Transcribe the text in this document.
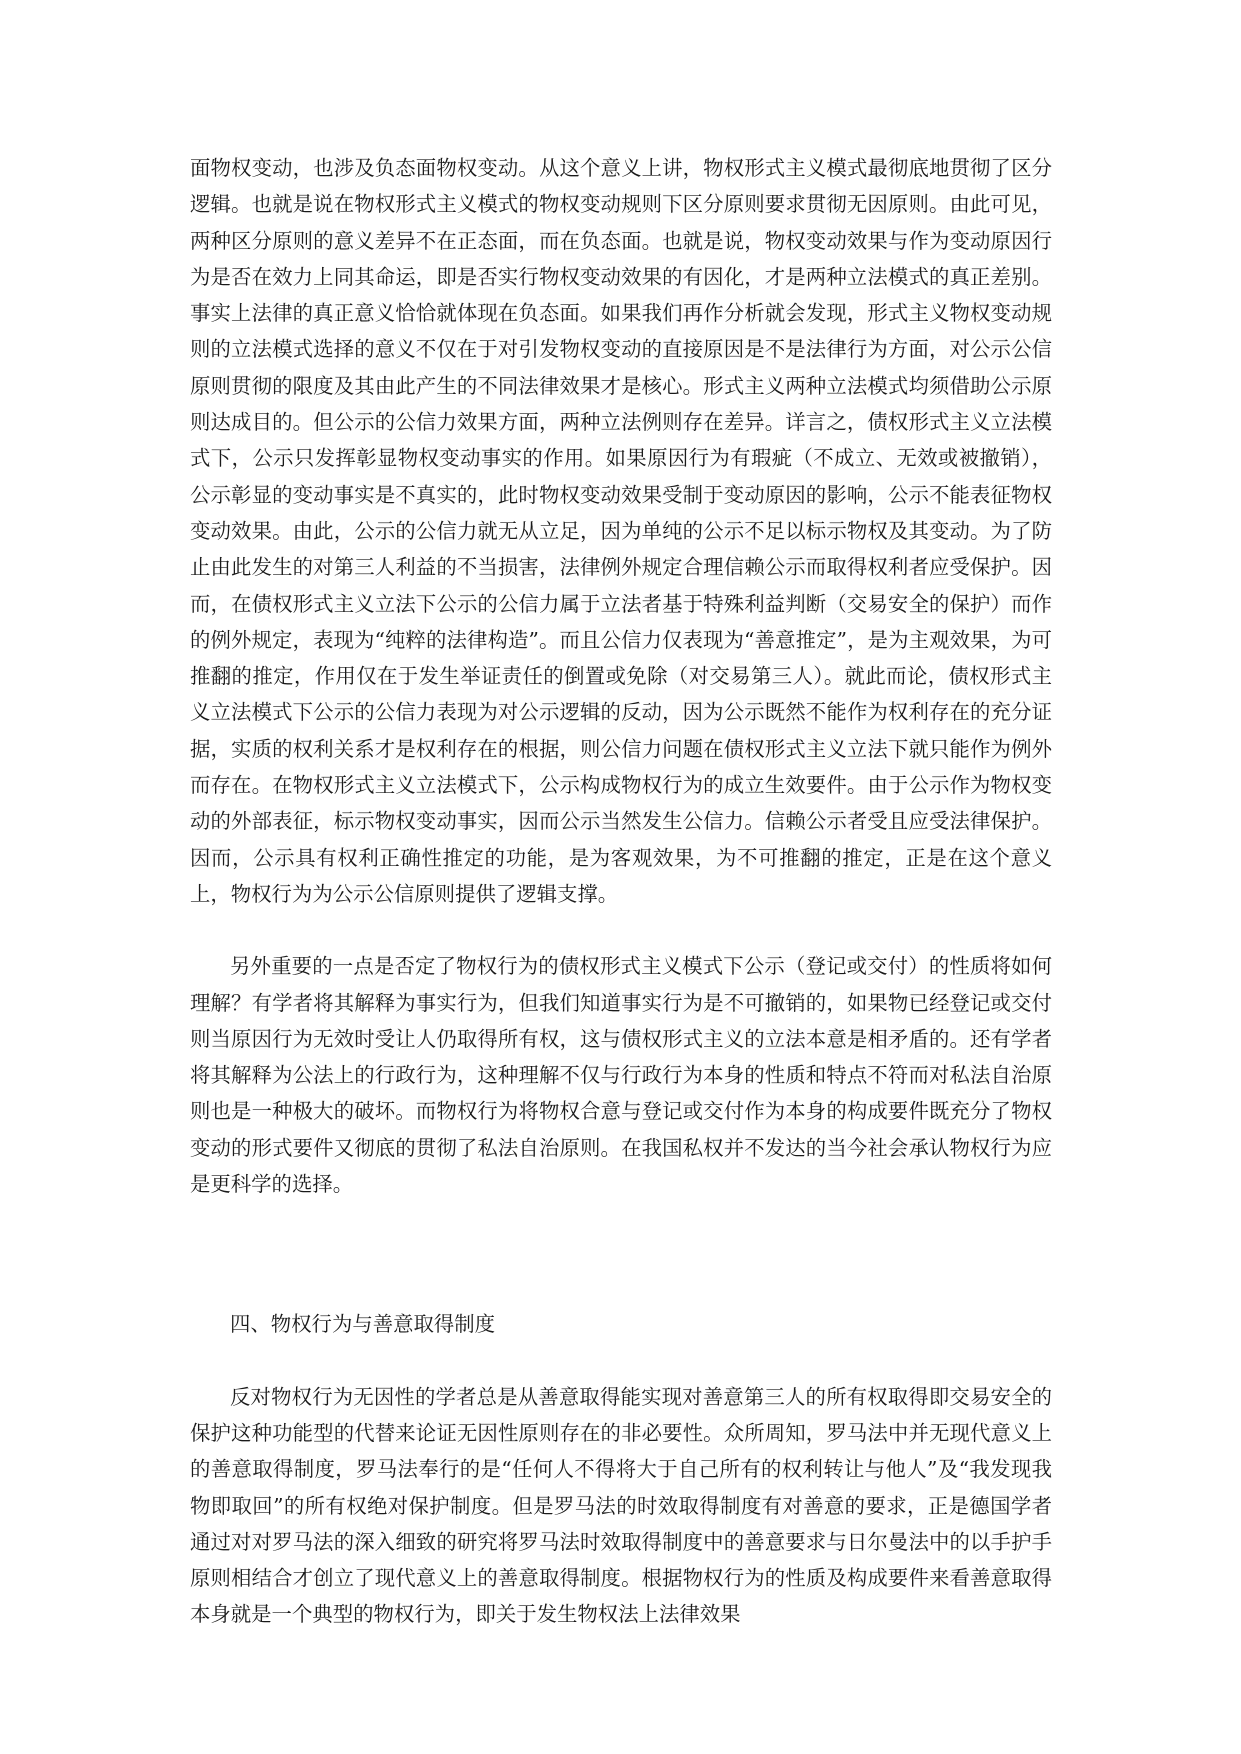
面物权变动，也涉及负态面物权变动。从这个意义上讲，物权形式主义模式最彻底地贯彻了区分逻辑。也就是说在物权形式主义模式的物权变动规则下区分原则要求贯彻无因原则。由此可见，两种区分原则的意义差异不在正态面，而在负态面。也就是说，物权变动效果与作为变动原因行为是否在效力上同其命运，即是否实行物权变动效果的有因化，才是两种立法模式的真正差别。事实上法律的真正意义恰恰就体现在负态面。如果我们再作分析就会发现，形式主义物权变动规则的立法模式选择的意义不仅在于对引发物权变动的直接原因是不是法律行为方面，对公示公信原则贯彻的限度及其由此产生的不同法律效果才是核心。形式主义两种立法模式均须借助公示原则达成目的。但公示的公信力效果方面，两种立法例则存在差异。详言之，债权形式主义立法模式下，公示只发挥彰显物权变动事实的作用。如果原因行为有瑕疵（不成立、无效或被撤销），公示彰显的变动事实是不真实的，此时物权变动效果受制于变动原因的影响，公示不能表征物权变动效果。由此，公示的公信力就无从立足，因为单纯的公示不足以标示物权及其变动。为了防止由此发生的对第三人利益的不当损害，法律例外规定合理信赖公示而取得权利者应受保护。因而，在债权形式主义立法下公示的公信力属于立法者基于特殊利益判断（交易安全的保护）而作的例外规定，表现为“纯粹的法律构造”。而且公信力仅表现为“善意推定”，是为主观效果，为可推翻的推定，作用仅在于发生举证责任的倒置或免除（对交易第三人）。就此而论，债权形式主义立法模式下公示的公信力表现为对公示逻辑的反动，因为公示既然不能作为权利存在的充分证据，实质的权利关系才是权利存在的根据，则公信力问题在债权形式主义立法下就只能作为例外而存在。在物权形式主义立法模式下，公示构成物权行为的成立生效要件。由于公示作为物权变动的外部表征，标示物权变动事实，因而公示当然发生公信力。信赖公示者受且应受法律保护。因而，公示具有权利正确性推定的功能，是为客观效果，为不可推翻的推定，正是在这个意义上，物权行为为公示公信原则提供了逻辑支撑。

另外重要的一点是否定了物权行为的债权形式主义模式下公示（登记或交付）的性质将如何理解？有学者将其解释为事实行为，但我们知道事实行为是不可撤销的，如果物已经登记或交付则当原因行为无效时受让人仍取得所有权，这与债权形式主义的立法本意是相矛盾的。还有学者将其解释为公法上的行政行为，这种理解不仅与行政行为本身的性质和特点不符而对私法自治原则也是一种极大的破坏。而物权行为将物权合意与登记或交付作为本身的构成要件既充分了物权变动的形式要件又彻底的贯彻了私法自治原则。在我国私权并不发达的当今社会承认物权行为应是更科学的选择。

四、物权行为与善意取得制度

反对物权行为无因性的学者总是从善意取得能实现对善意第三人的所有权取得即交易安全的保护这种功能型的代替来论证无因性原则存在的非必要性。众所周知，罗马法中并无现代意义上的善意取得制度，罗马法奉行的是“任何人不得将大于自己所有的权利转让与他人”及“我发现我物即取回”的所有权绝对保护制度。但是罗马法的时效取得制度有对善意的要求，正是德国学者通过对对罗马法的深入细致的研究将罗马法时效取得制度中的善意要求与日尔曼法中的以手护手原则相结合才创立了现代意义上的善意取得制度。根据物权行为的性质及构成要件来看善意取得本身就是一个典型的物权行为，即关于发生物权法上法律效果
